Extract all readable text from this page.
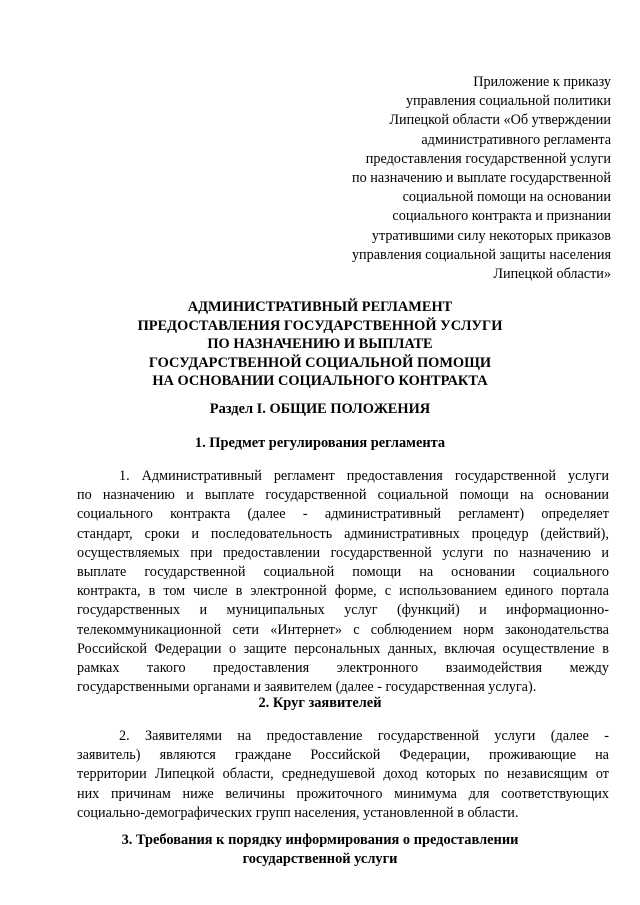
Приложение к приказу
управления социальной политики
Липецкой области «Об утверждении
административного регламента
предоставления государственной услуги
по назначению и выплате государственной
социальной помощи на основании
социального контракта и признании
утратившими силу некоторых приказов
управления социальной защиты населения
Липецкой области»
АДМИНИСТРАТИВНЫЙ РЕГЛАМЕНТ
ПРЕДОСТАВЛЕНИЯ ГОСУДАРСТВЕННОЙ УСЛУГИ
ПО НАЗНАЧЕНИЮ И ВЫПЛАТЕ
ГОСУДАРСТВЕННОЙ СОЦИАЛЬНОЙ ПОМОЩИ
НА ОСНОВАНИИ СОЦИАЛЬНОГО КОНТРАКТА
Раздел I. ОБЩИЕ ПОЛОЖЕНИЯ
1. Предмет регулирования регламента
1. Административный регламент предоставления государственной услуги
по назначению и выплате государственной социальной помощи на основании
социального контракта (далее - административный регламент) определяет
стандарт, сроки и последовательность административных процедур (действий),
осуществляемых при предоставлении государственной услуги по назначению и
выплате государственной социальной помощи на основании социального
контракта, в том числе в электронной форме, с использованием единого портала
государственных и муниципальных услуг (функций) и информационно-
телекоммуникационной сети «Интернет» с соблюдением норм законодательства
Российской Федерации о защите персональных данных, включая осуществление в
рамках такого предоставления электронного взаимодействия между
государственными органами и заявителем (далее - государственная услуга).
2. Круг заявителей
2. Заявителями на предоставление государственной услуги (далее -
заявитель) являются граждане Российской Федерации, проживающие на
территории Липецкой области, среднедушевой доход которых по независящим от
них причинам ниже величины прожиточного минимума для соответствующих
социально-демографических групп населения, установленной в области.
3. Требования к порядку информирования о предоставлении
государственной услуги
